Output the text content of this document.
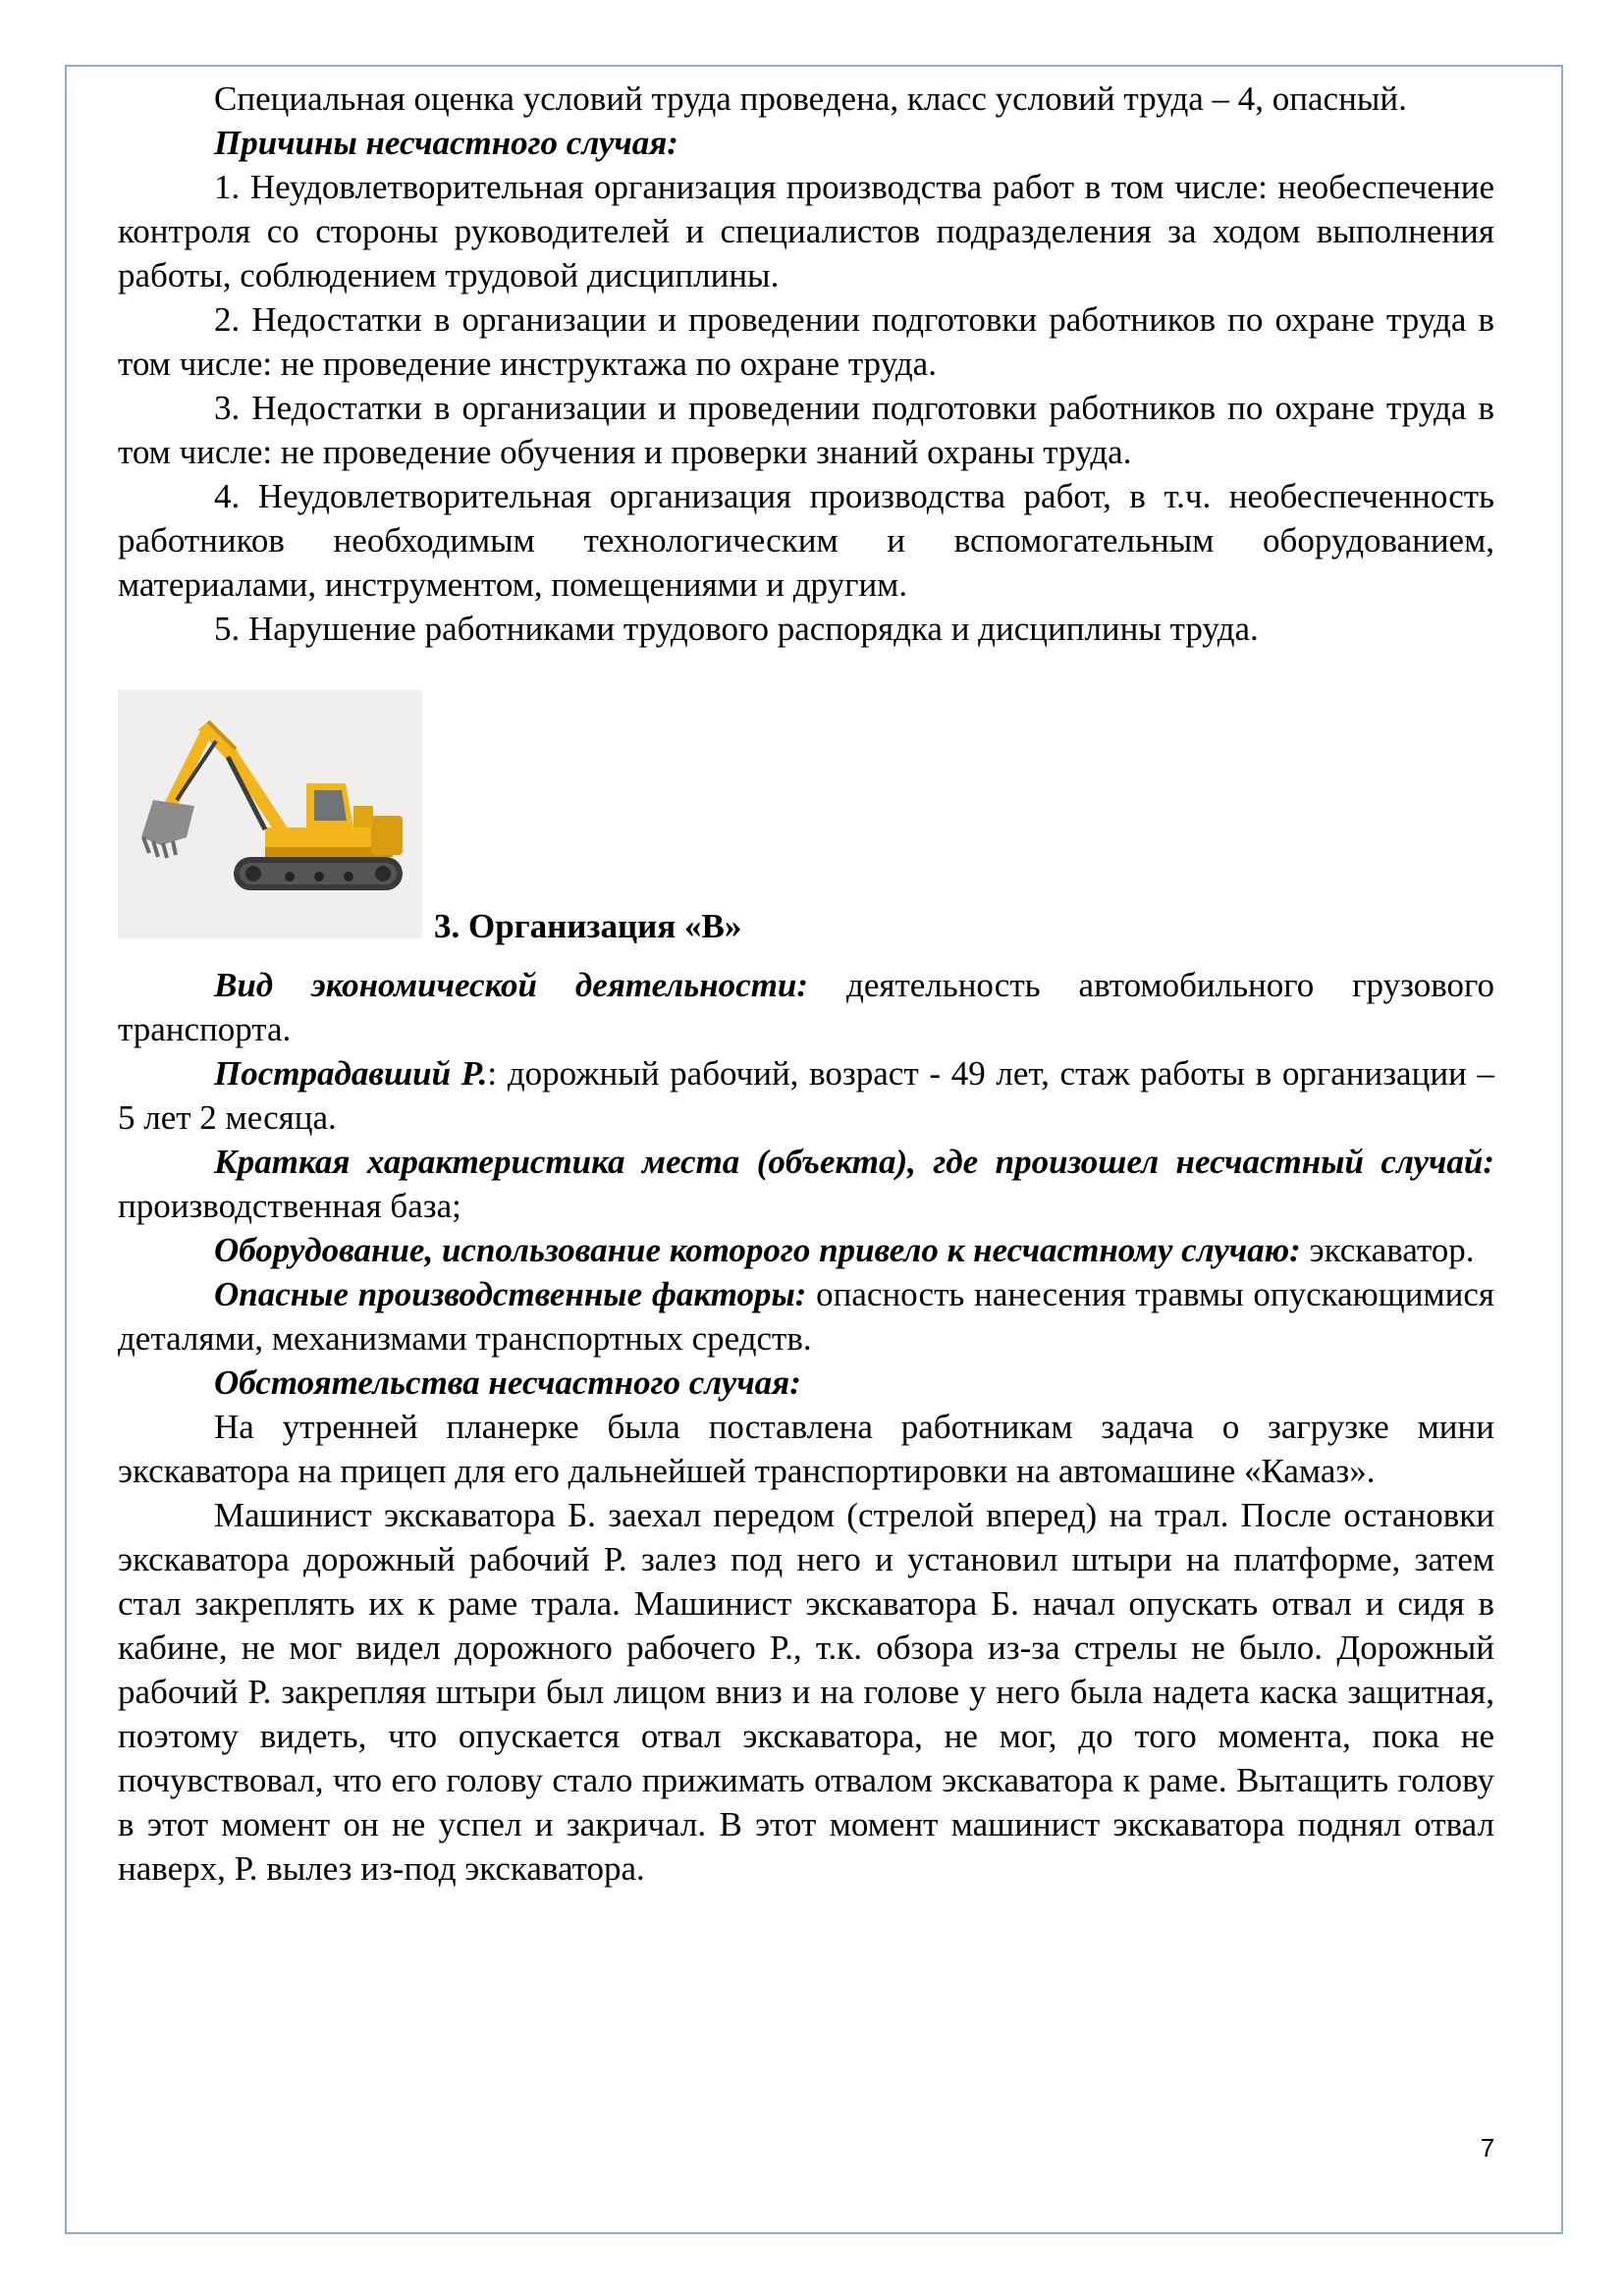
Специальная оценка условий труда проведена, класс условий труда – 4, опасный.

Причины несчастного случая:

1. Неудовлетворительная организация производства работ в том числе: необеспечение контроля со стороны руководителей и специалистов подразделения за ходом выполнения работы, соблюдением трудовой дисциплины.

2. Недостатки в организации и проведении подготовки работников по охране труда в том числе: не проведение инструктажа по охране труда.

3. Недостатки в организации и проведении подготовки работников по охране труда в том числе: не проведение обучения и проверки знаний охраны труда.

4. Неудовлетворительная организация производства работ, в т.ч. необеспеченность работников необходимым технологическим и вспомогательным оборудованием, материалами, инструментом, помещениями и другим.

5. Нарушение работниками трудового распорядка и дисциплины труда.

3. Организация «В»

Вид экономической деятельности: деятельность автомобильного грузового транспорта.

Пострадавший Р.: дорожный рабочий, возраст - 49 лет, стаж работы в организации – 5 лет 2 месяца.

Краткая характеристика места (объекта), где произошел несчастный случай: производственная база;

Оборудование, использование которого привело к несчастному случаю: экскаватор.

Опасные производственные факторы: опасность нанесения травмы опускающимися деталями, механизмами транспортных средств.

Обстоятельства несчастного случая:

На утренней планерке была поставлена работникам задача о загрузке мини экскаватора на прицеп для его дальнейшей транспортировки на автомашине «Камаз».

Машинист экскаватора Б. заехал передом (стрелой вперед) на трал. После остановки экскаватора дорожный рабочий Р. залез под него и установил штыри на платформе, затем стал закреплять их к раме трала. Машинист экскаватора Б. начал опускать отвал и сидя в кабине, не мог видел дорожного рабочего Р., т.к. обзора из-за стрелы не было. Дорожный рабочий Р. закрепляя штыри был лицом вниз и на голове у него была надета каска защитная, поэтому видеть, что опускается отвал экскаватора, не мог, до того момента, пока не почувствовал, что его голову стало прижимать отвалом экскаватора к раме. Вытащить голову в этот момент он не успел и закричал. В этот момент машинист экскаватора поднял отвал наверх, Р. вылез из-под экскаватора.

7
